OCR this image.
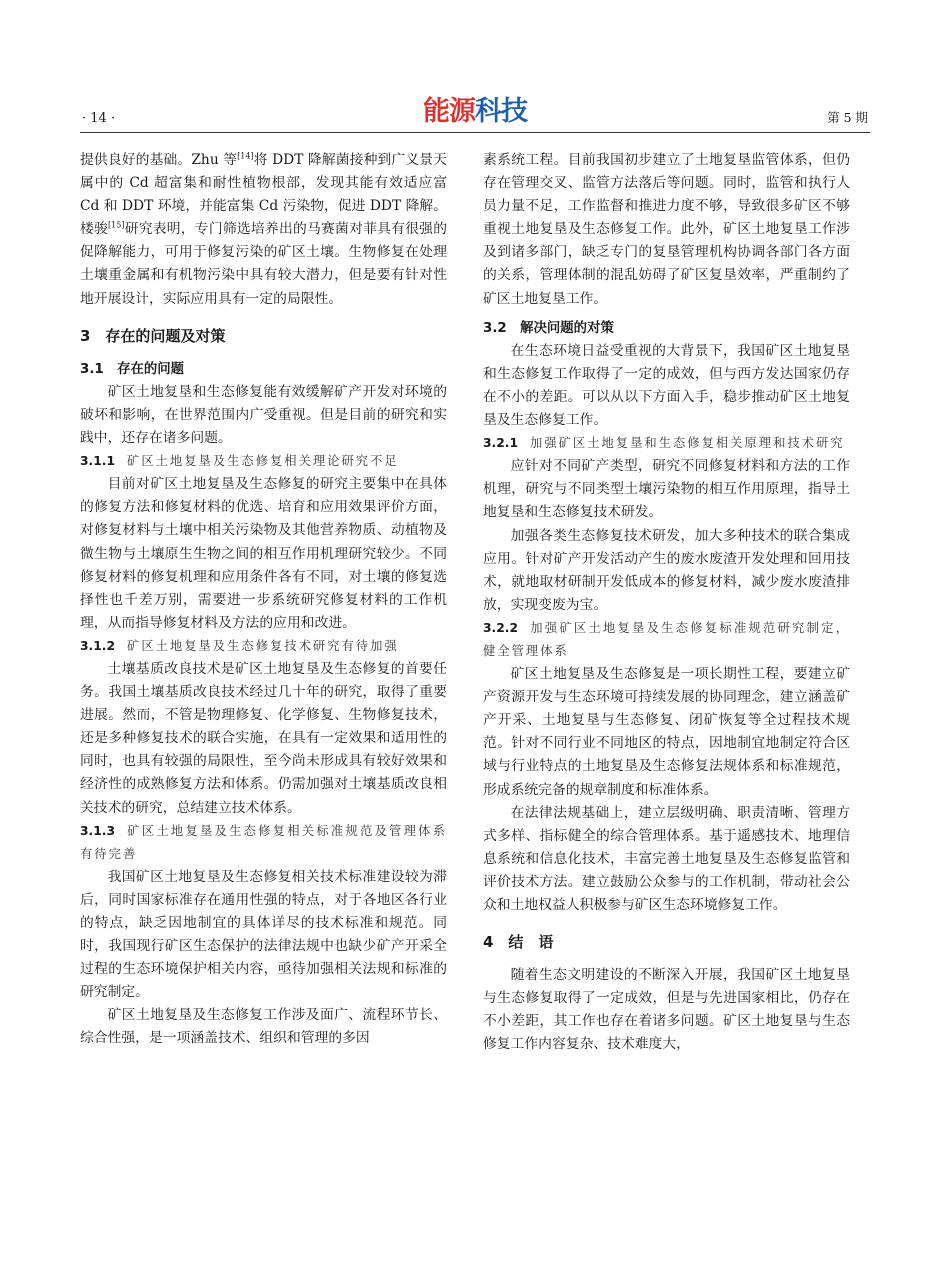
· 14 ·	能源科技	第 5 期

提供良好的基础。Zhu 等[14]将 DDT 降解菌接种到广义景天属中的 Cd 超富集和耐性植物根部，发现其能有效适应富 Cd 和 DDT 环境，并能富集 Cd 污染物，促进 DDT 降解。楼骏[15]研究表明，专门筛选培养出的马赛菌对菲具有很强的促降解能力，可用于修复污染的矿区土壤。生物修复在处理土壤重金属和有机物污染中具有较大潜力，但是要有针对性地开展设计，实际应用具有一定的局限性。

3　存在的问题及对策
3.1　存在的问题

矿区土地复垦和生态修复能有效缓解矿产开发对环境的破坏和影响，在世界范围内广受重视。但是目前的研究和实践中，还存在诸多问题。

3.1.1 矿区土地复垦及生态修复相关理论研究不足

目前对矿区土地复垦及生态修复的研究主要集中在具体的修复方法和修复材料的优选、培育和应用效果评价方面，对修复材料与土壤中相关污染物及其他营养物质、动植物及微生物与土壤原生生物之间的相互作用机理研究较少。不同修复材料的修复机理和应用条件各有不同，对土壤的修复选择性也千差万别，需要进一步系统研究修复材料的工作机理，从而指导修复材料及方法的应用和改进。

3.1.2 矿区土地复垦及生态修复技术研究有待加强

土壤基质改良技术是矿区土地复垦及生态修复的首要任务。我国土壤基质改良技术经过几十年的研究，取得了重要进展。然而，不管是物理修复、化学修复、生物修复技术，还是多种修复技术的联合实施，在具有一定效果和适用性的同时，也具有较强的局限性，至今尚未形成具有较好效果和经济性的成熟修复方法和体系。仍需加强对土壤基质改良相关技术的研究，总结建立技术体系。

3.1.3 矿区土地复垦及生态修复相关标准规范及管理体系有待完善

我国矿区土地复垦及生态修复相关技术标准建设较为滞后，同时国家标准存在通用性强的特点，对于各地区各行业的特点，缺乏因地制宜的具体详尽的技术标准和规范。同时，我国现行矿区生态保护的法律法规中也缺少矿产开采全过程的生态环境保护相关内容，亟待加强相关法规和标准的研究制定。

矿区土地复垦及生态修复工作涉及面广、流程环节长、综合性强，是一项涵盖技术、组织和管理的多因

素系统工程。目前我国初步建立了土地复垦监管体系，但仍存在管理交叉、监管方法落后等问题。同时，监管和执行人员力量不足，工作监督和推进力度不够，导致很多矿区不够重视土地复垦及生态修复工作。此外，矿区土地复垦工作涉及到诸多部门，缺乏专门的复垦管理机构协调各部门各方面的关系，管理体制的混乱妨碍了矿区复垦效率，严重制约了矿区土地复垦工作。

3.2　解决问题的对策

在生态环境日益受重视的大背景下，我国矿区土地复垦和生态修复工作取得了一定的成效，但与西方发达国家仍存在不小的差距。可以从以下方面入手，稳步推动矿区土地复垦及生态修复工作。

3.2.1 加强矿区土地复垦和生态修复相关原理和技术研究

应针对不同矿产类型，研究不同修复材料和方法的工作机理，研究与不同类型土壤污染物的相互作用原理，指导土地复垦和生态修复技术研发。

加强各类生态修复技术研发，加大多种技术的联合集成应用。针对矿产开发活动产生的废水废渣开发处理和回用技术，就地取材研制开发低成本的修复材料，减少废水废渣排放，实现变废为宝。

3.2.2 加强矿区土地复垦及生态修复标准规范研究制定，健全管理体系

矿区土地复垦及生态修复是一项长期性工程，要建立矿产资源开发与生态环境可持续发展的协同理念，建立涵盖矿产开采、土地复垦与生态修复、闭矿恢复等全过程技术规范。针对不同行业不同地区的特点，因地制宜地制定符合区域与行业特点的土地复垦及生态修复法规体系和标准规范，形成系统完备的规章制度和标准体系。

在法律法规基础上，建立层级明确、职责清晰、管理方式多样、指标健全的综合管理体系。基于遥感技术、地理信息系统和信息化技术，丰富完善土地复垦及生态修复监管和评价技术方法。建立鼓励公众参与的工作机制，带动社会公众和土地权益人积极参与矿区生态环境修复工作。

4　结　语

随着生态文明建设的不断深入开展，我国矿区土地复垦与生态修复取得了一定成效，但是与先进国家相比，仍存在不小差距，其工作也存在着诸多问题。矿区土地复垦与生态修复工作内容复杂、技术难度大，
